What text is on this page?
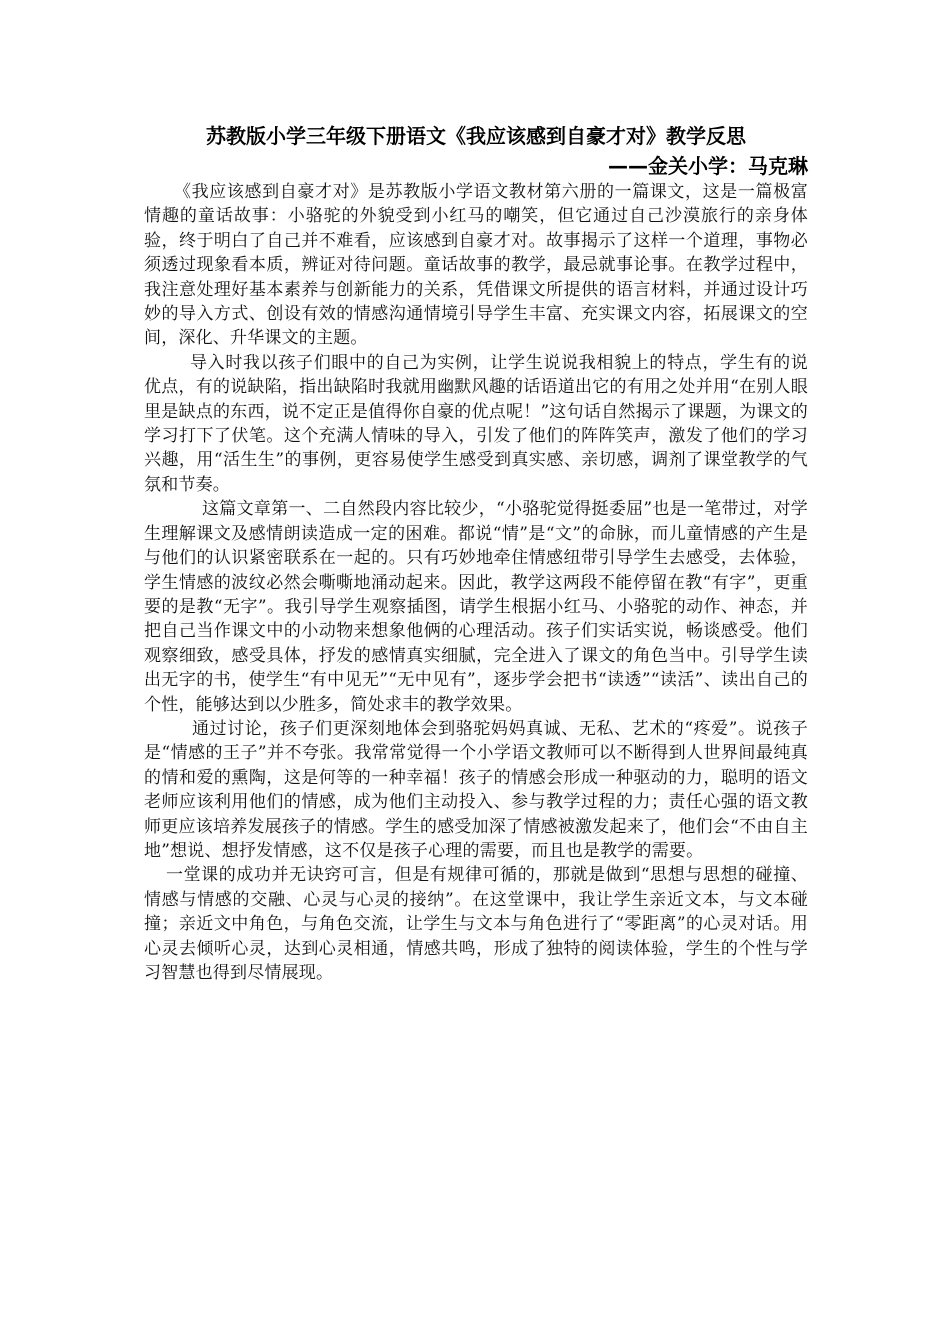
苏教版小学三年级下册语文《我应该感到自豪才对》教学反思

——金关小学：马克琳

《我应该感到自豪才对》是苏教版小学语文教材第六册的一篇课文，这是一篇极富情趣的童话故事：小骆驼的外貌受到小红马的嘲笑，但它通过自己沙漠旅行的亲身体验，终于明白了自己并不难看，应该感到自豪才对。故事揭示了这样一个道理，事物必须透过现象看本质，辨证对待问题。童话故事的教学，最忌就事论事。在教学过程中，我注意处理好基本素养与创新能力的关系，凭借课文所提供的语言材料，并通过设计巧妙的导入方式、创设有效的情感沟通情境引导学生丰富、充实课文内容，拓展课文的空间，深化、升华课文的主题。

导入时我以孩子们眼中的自己为实例，让学生说说我相貌上的特点，学生有的说优点，有的说缺陷，指出缺陷时我就用幽默风趣的话语道出它的有用之处并用“在别人眼里是缺点的东西，说不定正是值得你自豪的优点呢！”这句话自然揭示了课题，为课文的学习打下了伏笔。这个充满人情味的导入，引发了他们的阵阵笑声，激发了他们的学习兴趣，用“活生生”的事例，更容易使学生感受到真实感、亲切感，调剂了课堂教学的气氛和节奏。

这篇文章第一、二自然段内容比较少，“小骆驼觉得挺委屈”也是一笔带过，对学生理解课文及感情朗读造成一定的困难。都说“情”是“文”的命脉，而儿童情感的产生是与他们的认识紧密联系在一起的。只有巧妙地牵住情感纽带引导学生去感受，去体验，学生情感的波纹必然会嘶嘶地涌动起来。因此，教学这两段不能停留在教“有字”，更重要的是教“无字”。我引导学生观察插图，请学生根据小红马、小骆驼的动作、神态，并把自己当作课文中的小动物来想象他俩的心理活动。孩子们实话实说，畅谈感受。他们观察细致，感受具体，抒发的感情真实细腻，完全进入了课文的角色当中。引导学生读出无字的书，使学生“有中见无”“无中见有”，逐步学会把书“读透”“读活”、读出自己的个性，能够达到以少胜多，简处求丰的教学效果。

通过讨论，孩子们更深刻地体会到骆驼妈妈真诚、无私、艺术的“疼爱”。说孩子是“情感的王子”并不夸张。我常常觉得一个小学语文教师可以不断得到人世界间最纯真的情和爱的熏陶，这是何等的一种幸福！孩子的情感会形成一种驱动的力，聪明的语文老师应该利用他们的情感，成为他们主动投入、参与教学过程的力；责任心强的语文教师更应该培养发展孩子的情感。学生的感受加深了情感被激发起来了，他们会“不由自主地”想说、想抒发情感，这不仅是孩子心理的需要，而且也是教学的需要。

一堂课的成功并无诀窍可言，但是有规律可循的，那就是做到“思想与思想的碰撞、情感与情感的交融、心灵与心灵的接纳”。在这堂课中，我让学生亲近文本，与文本碰撞；亲近文中角色，与角色交流，让学生与文本与角色进行了“零距离”的心灵对话。用心灵去倾听心灵，达到心灵相通，情感共鸣，形成了独特的阅读体验，学生的个性与学习智慧也得到尽情展现。
